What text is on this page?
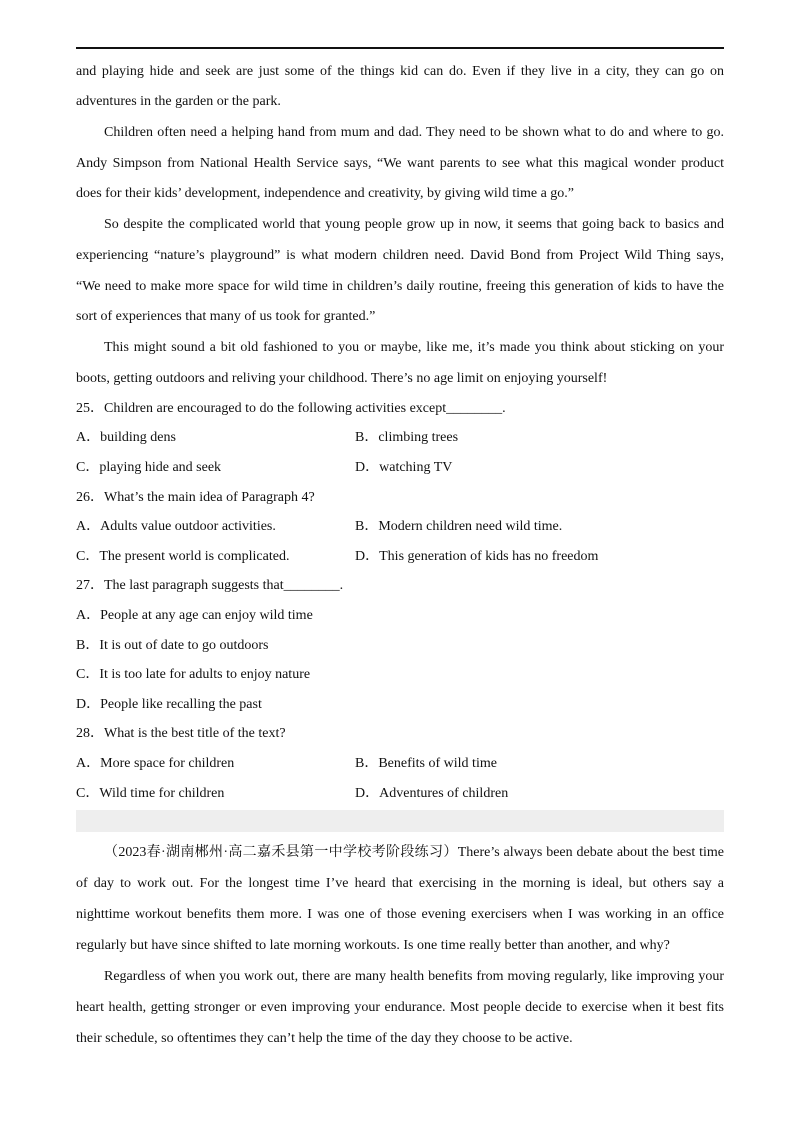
and playing hide and seek are just some of the things kid can do. Even if they live in a city, they can go on
adventures in the garden or the park.
Children often need a helping hand from mum and dad. They need to be shown what to do and where to go.
Andy Simpson from National Health Service says, “We want parents to see what this magical wonder product
does for their kids’ development, independence and creativity, by giving wild time a go.”
So despite the complicated world that young people grow up in now, it seems that going back to basics and
experiencing “nature’s playground” is what modern children need. David Bond from Project Wild Thing says,
“We need to make more space for wild time in children’s daily routine, freeing this generation of kids to have the
sort of experiences that many of us took for granted.”
This might sound a bit old fashioned to you or maybe, like me, it’s made you think about sticking on your
boots, getting outdoors and reliving your childhood. There’s no age limit on enjoying yourself!
25．Children are encouraged to do the following activities except________.
A．building dens	B．climbing trees
C．playing hide and seek	D．watching TV
26．What’s the main idea of Paragraph 4?
A．Adults value outdoor activities.	B．Modern children need wild time.
C．The present world is complicated.	D．This generation of kids has no freedom
27．The last paragraph suggests that________.
A．People at any age can enjoy wild time
B．It is out of date to go outdoors
C．It is too late for adults to enjoy nature
D．People like recalling the past
28．What is the best title of the text?
A．More space for children	B．Benefits of wild time
C．Wild time for children	D．Adventures of children
（2023春·湖南郴州·高二嘉禾县第一中学校考阶段练习）There’s always been debate about the best time
of day to work out. For the longest time I’ve heard that exercising in the morning is ideal, but others say a
nighttime workout benefits them more. I was one of those evening exercisers when I was working in an office
regularly but have since shifted to late morning workouts. Is one time really better than another, and why?
Regardless of when you work out, there are many health benefits from moving regularly, like improving your
heart health, getting stronger or even improving your endurance. Most people decide to exercise when it best fits
their schedule, so oftentimes they can’t help the time of the day they choose to be active.
